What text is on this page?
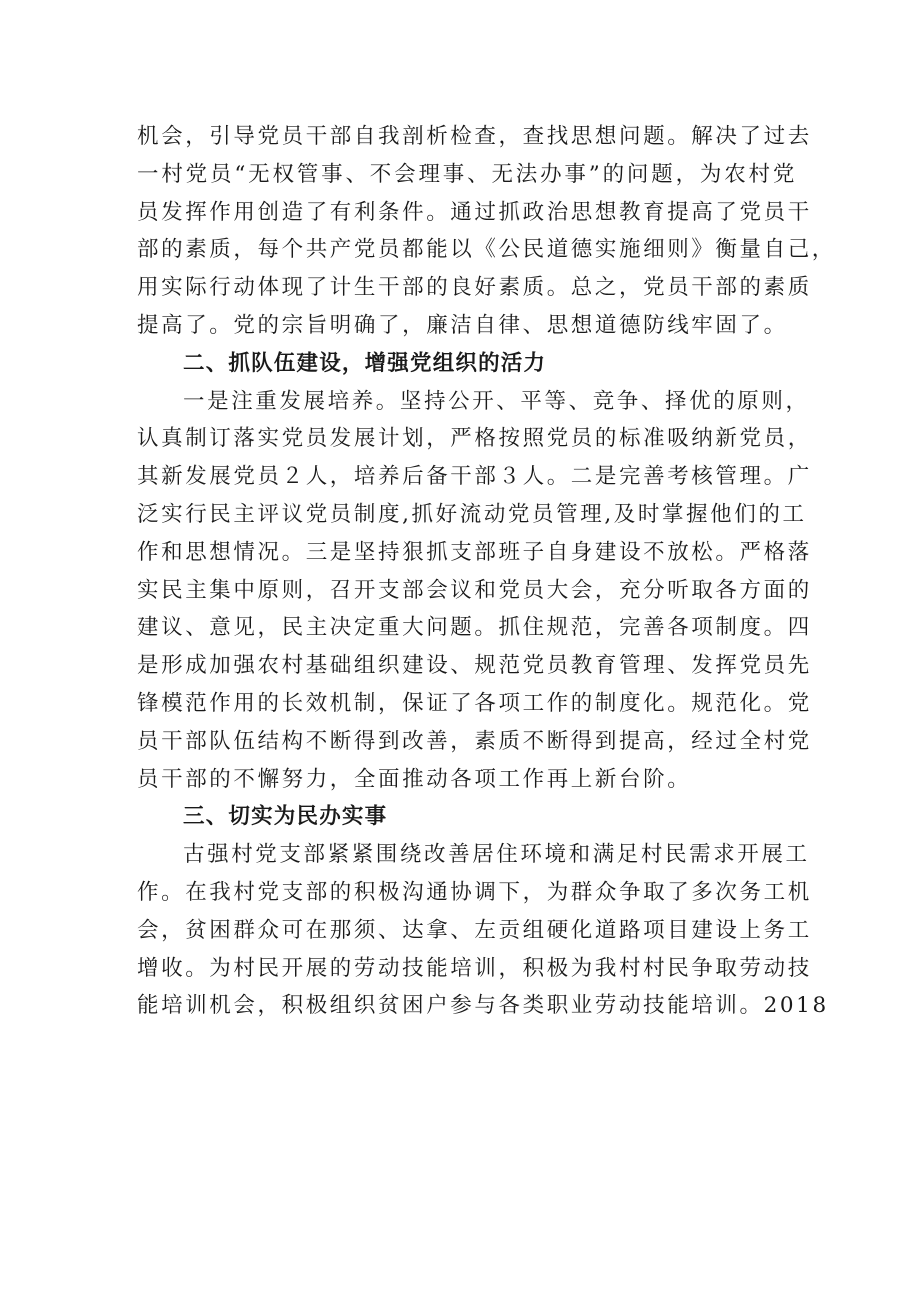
机会，引导党员干部自我剖析检查，查找思想问题。解决了过去
一村党员“无权管事、不会理事、无法办事”的问题，为农村党
员发挥作用创造了有利条件。通过抓政治思想教育提高了党员干
部的素质，每个共产党员都能以《公民道德实施细则》衡量自己，
用实际行动体现了计生干部的良好素质。总之，党员干部的素质
提高了。党的宗旨明确了，廉洁自律、思想道德防线牢固了。
二、抓队伍建设，增强党组织的活力
一是注重发展培养。坚持公开、平等、竞争、择优的原则，
认真制订落实党员发展计划，严格按照党员的标准吸纳新党员，
其新发展党员２人，培养后备干部３人。二是完善考核管理。广
泛实行民主评议党员制度,抓好流动党员管理,及时掌握他们的工
作和思想情况。三是坚持狠抓支部班子自身建设不放松。严格落
实民主集中原则，召开支部会议和党员大会，充分听取各方面的
建议、意见，民主决定重大问题。抓住规范，完善各项制度。四
是形成加强农村基础组织建设、规范党员教育管理、发挥党员先
锋模范作用的长效机制，保证了各项工作的制度化。规范化。党
员干部队伍结构不断得到改善，素质不断得到提高，经过全村党
员干部的不懈努力，全面推动各项工作再上新台阶。
三、切实为民办实事
古强村党支部紧紧围绕改善居住环境和满足村民需求开展工
作。在我村党支部的积极沟通协调下，为群众争取了多次务工机
会，贫困群众可在那须、达拿、左贡组硬化道路项目建设上务工
增收。为村民开展的劳动技能培训，积极为我村村民争取劳动技
能培训机会，积极组织贫困户参与各类职业劳动技能培训。2018
